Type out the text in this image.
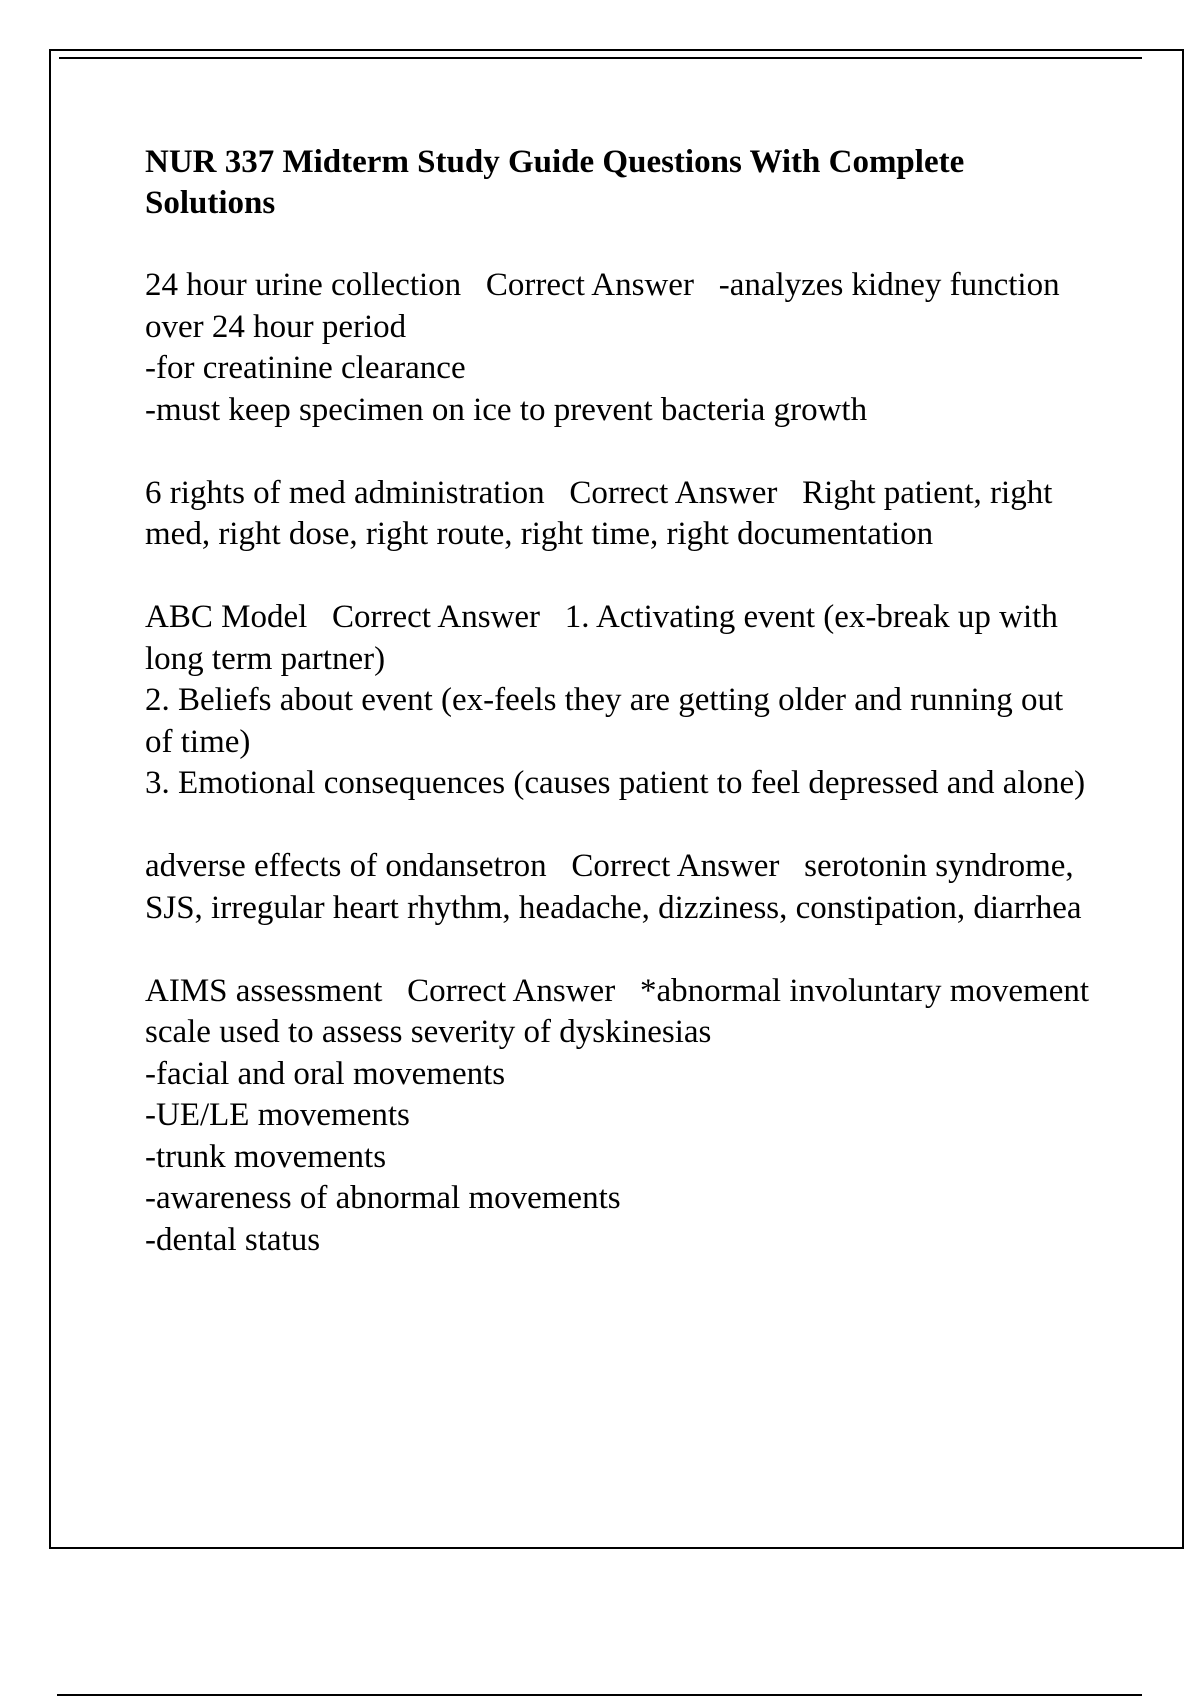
NUR 337 Midterm Study Guide Questions With Complete Solutions
24 hour urine collection Correct Answer -analyzes kidney function over 24 hour period
-for creatinine clearance
-must keep specimen on ice to prevent bacteria growth
6 rights of med administration Correct Answer Right patient, right med, right dose, right route, right time, right documentation
ABC Model Correct Answer 1. Activating event (ex-break up with long term partner)
2. Beliefs about event (ex-feels they are getting older and running out of time)
3. Emotional consequences (causes patient to feel depressed and alone)
adverse effects of ondansetron Correct Answer serotonin syndrome, SJS, irregular heart rhythm, headache, dizziness, constipation, diarrhea
AIMS assessment Correct Answer *abnormal involuntary movement scale used to assess severity of dyskinesias
-facial and oral movements
-UE/LE movements
-trunk movements
-awareness of abnormal movements
-dental status
